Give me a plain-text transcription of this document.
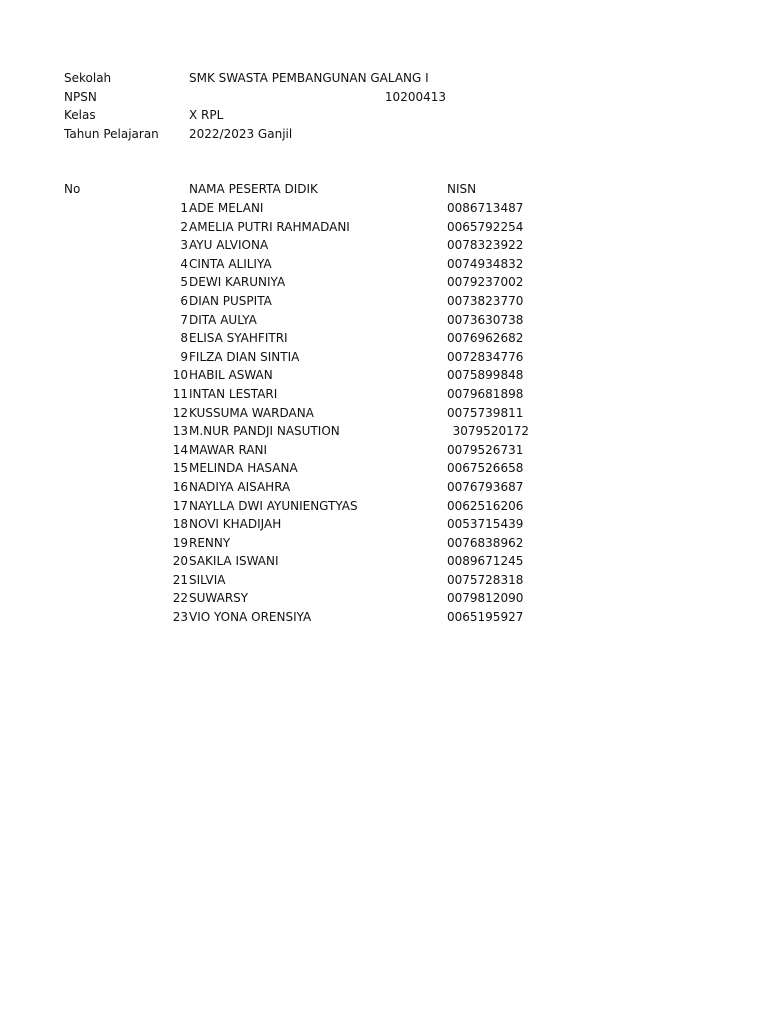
Sekolah	SMK SWASTA PEMBANGUNAN GALANG I
NPSN	10200413
Kelas	X RPL
Tahun Pelajaran	2022/2023 Ganjil
No	NAMA PESERTA DIDIK	NISN
1 ADE MELANI	0086713487
2 AMELIA PUTRI RAHMADANI	0065792254
3 AYU ALVIONA	0078323922
4 CINTA ALILIYA	0074934832
5 DEWI KARUNIYA	0079237002
6 DIAN PUSPITA	0073823770
7 DITA AULYA	0073630738
8 ELISA SYAHFITRI	0076962682
9 FILZA DIAN SINTIA	0072834776
10 HABIL ASWAN	0075899848
11 INTAN LESTARI	0079681898
12 KUSSUMA WARDANA	0075739811
13 M.NUR PANDJI NASUTION	3079520172
14 MAWAR RANI	0079526731
15 MELINDA HASANA	0067526658
16 NADIYA AISAHRA	0076793687
17 NAYLLA DWI AYUNIENGTYAS	0062516206
18 NOVI KHADIJAH	0053715439
19 RENNY	0076838962
20 SAKILA ISWANI	0089671245
21 SILVIA	0075728318
22 SUWARSY	0079812090
23 VIO YONA ORENSIYA	0065195927
